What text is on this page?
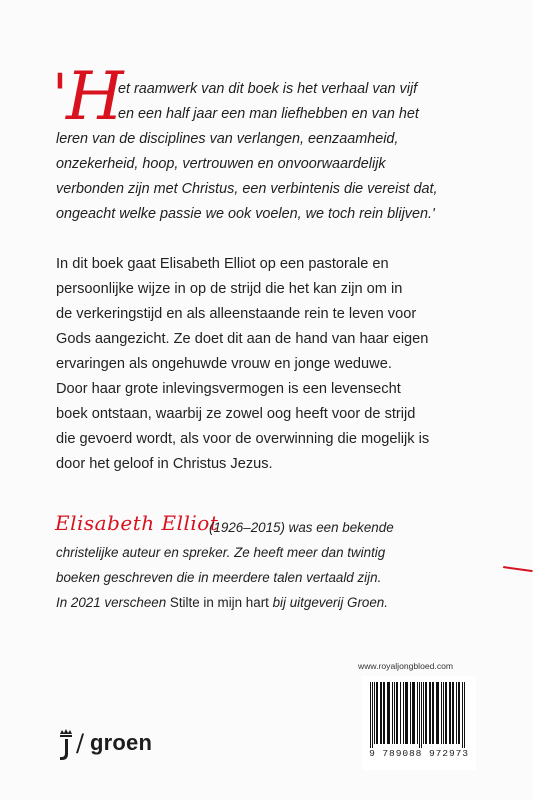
'
H
et raamwerk van dit boek is het verhaal van vijf
en een half jaar een man liefhebben en van het
leren van de disciplines van verlangen, eenzaamheid,
onzekerheid, hoop, vertrouwen en onvoorwaardelijk
verbonden zijn met Christus, een verbintenis die vereist dat,
ongeacht welke passie we ook voelen, we toch rein blijven.'
In dit boek gaat Elisabeth Elliot op een pastorale en
persoonlijke wijze in op de strijd die het kan zijn om in
de verkeringstijd en als alleenstaande rein te leven voor
Gods aangezicht. Ze doet dit aan de hand van haar eigen
ervaringen als ongehuwde vrouw en jonge weduwe.
Door haar grote inlevingsvermogen is een levensecht
boek ontstaan, waarbij ze zowel oog heeft voor de strijd
die gevoerd wordt, als voor de overwinning die mogelijk is
door het geloof in Christus Jezus.
Elisabeth Elliot
(1926–2015) was een bekende
christelijke auteur en spreker. Ze heeft meer dan twintig
boeken geschreven die in meerdere talen vertaald zijn.
In 2021 verscheen Stilte in mijn hart bij uitgeverij Groen.
/ groen
www.royaljongbloed.com
9 789088 972973
